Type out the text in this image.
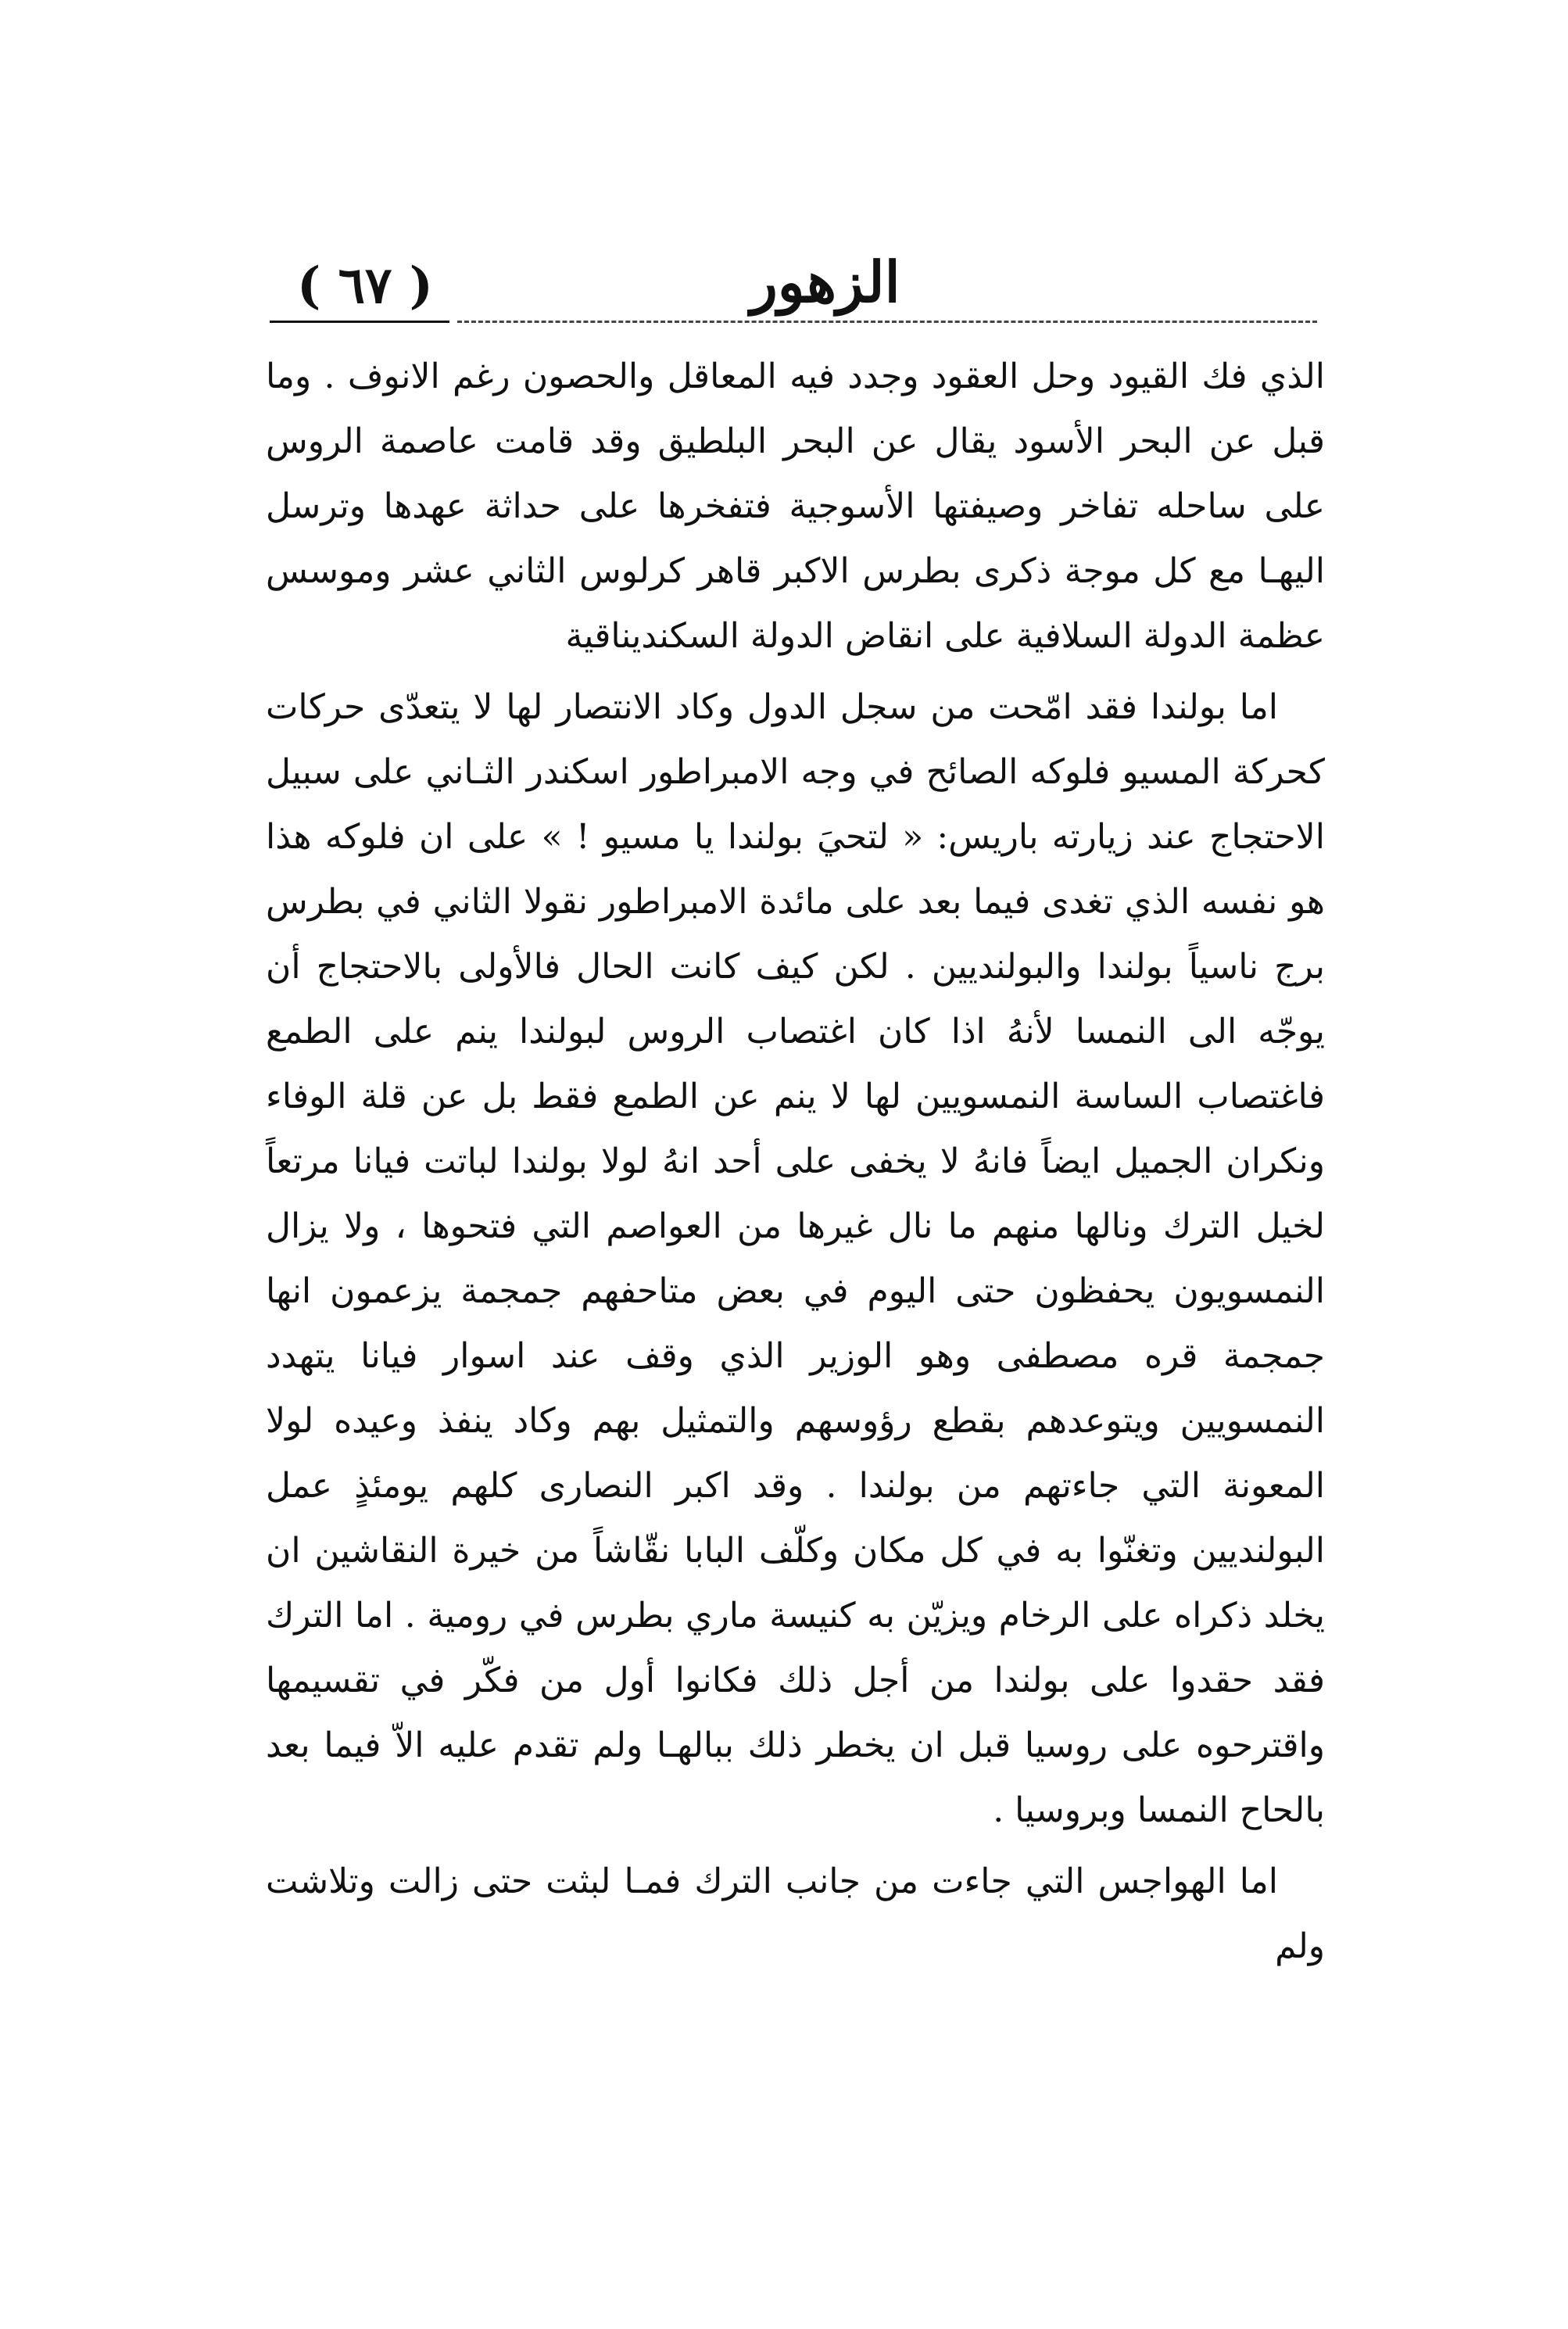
( ٦٧ )	الزهور

الذي فك القيود وحل العقود وجدد فيه المعاقل والحصون رغم الانوف . وما قبل عن البحر الأسود يقال عن البحر البلطيق وقد قامت عاصمة الروس على ساحله تفاخر وصيفتها الأسوجية فتفخرها على حداثة عهدها وترسل اليهـا مع كل موجة ذكرى بطرس الاكبر قاهر كرلوس الثاني عشر وموسس عظمة الدولة السلافية على انقاض الدولة السكنديناقية

اما بولندا فقد امّحت من سجل الدول وكاد الانتصار لها لا يتعدّى حركات كحركة المسيو فلوكه الصائح في وجه الامبراطور اسكندر الثـاني على سبيل الاحتجاج عند زيارته باريس: « لتحيَ بولندا يا مسيو ! » على ان فلوكه هذا هو نفسه الذي تغدى فيما بعد على مائدة الامبراطور نقولا الثاني في بطرس برج ناسياً بولندا والبولنديين . لكن كيف كانت الحال فالأولى بالاحتجاج أن يوجّه الى النمسا لأنهُ اذا كان اغتصاب الروس لبولندا ينم على الطمع فاغتصاب الساسة النمسويين لها لا ينم عن الطمع فقط بل عن قلة الوفاء ونكران الجميل ايضاً فانهُ لا يخفى على أحد انهُ لولا بولندا لباتت فيانا مرتعاً لخيل الترك ونالها منهم ما نال غيرها من العواصم التي فتحوها ، ولا يزال النمسويون يحفظون حتى اليوم في بعض متاحفهم جمجمة يزعمون انها جمجمة قره مصطفى وهو الوزير الذي وقف عند اسوار فيانا يتهدد النمسويين ويتوعدهم بقطع رؤوسهم والتمثيل بهم وكاد ينفذ وعيده لولا المعونة التي جاءتهم من بولندا . وقد اكبر النصارى كلهم يومئذٍ عمل البولنديين وتغنّوا به في كل مكان وكلّف البابا نقّاشاً من خيرة النقاشين ان يخلد ذكراه على الرخام ويزيّن به كنيسة ماري بطرس في رومية . اما الترك فقد حقدوا على بولندا من أجل ذلك فكانوا أول من فكّر في تقسيمها واقترحوه على روسيا قبل ان يخطر ذلك ببالهـا ولم تقدم عليه الاّ فيما بعد بالحاح النمسا وبروسيا .

اما الهواجس التي جاءت من جانب الترك فمـا لبثت حتى زالت وتلاشت ولم
